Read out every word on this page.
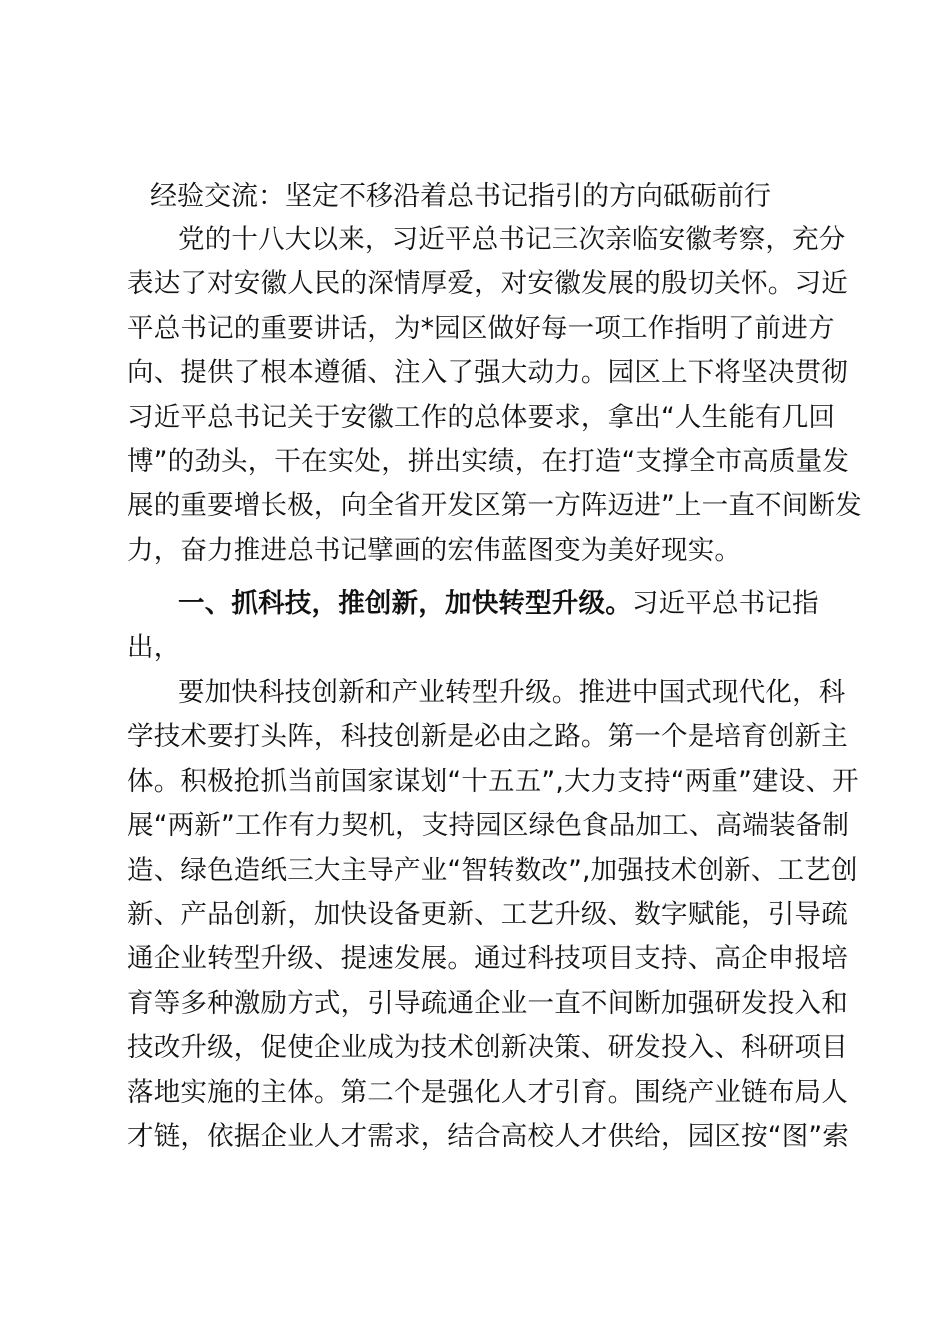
经验交流：坚定不移沿着总书记指引的方向砥砺前行
党的十八大以来，习近平总书记三次亲临安徽考察，充分
表达了对安徽人民的深情厚爱，对安徽发展的殷切关怀。习近
平总书记的重要讲话，为*园区做好每一项工作指明了前进方
向、提供了根本遵循、注入了强大动力。园区上下将坚决贯彻
习近平总书记关于安徽工作的总体要求，拿出“人生能有几回
博”的劲头，干在实处，拼出实绩，在打造“支撑全市高质量发
展的重要增长极，向全省开发区第一方阵迈进”上一直不间断发
力，奋力推进总书记擘画的宏伟蓝图变为美好现实。
一、抓科技，推创新，加快转型升级。习近平总书记指
出，
要加快科技创新和产业转型升级。推进中国式现代化，科
学技术要打头阵，科技创新是必由之路。第一个是培育创新主
体。积极抢抓当前国家谋划“十五五”,大力支持“两重”建设、开
展“两新”工作有力契机，支持园区绿色食品加工、高端装备制
造、绿色造纸三大主导产业“智转数改”,加强技术创新、工艺创
新、产品创新，加快设备更新、工艺升级、数字赋能，引导疏
通企业转型升级、提速发展。通过科技项目支持、高企申报培
育等多种激励方式，引导疏通企业一直不间断加强研发投入和
技改升级，促使企业成为技术创新决策、研发投入、科研项目
落地实施的主体。第二个是强化人才引育。围绕产业链布局人
才链，依据企业人才需求，结合高校人才供给，园区按“图”索
